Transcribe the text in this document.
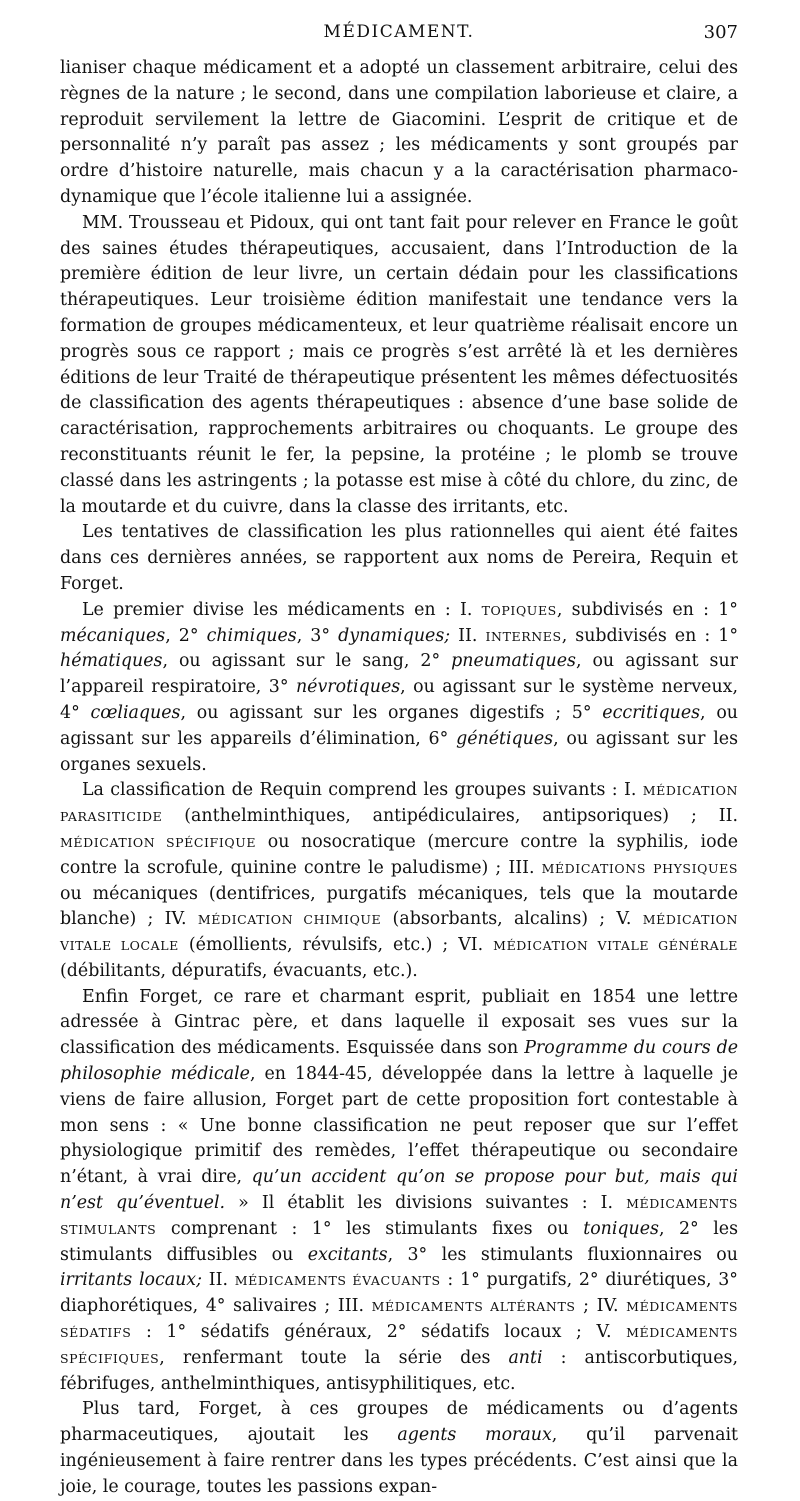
MÉDICAMENT.	307

lianiser chaque médicament et a adopté un classement arbitraire, celui des règnes de la nature ; le second, dans une compilation laborieuse et claire, a reproduit servilement la lettre de Giacomini. L’esprit de critique et de personnalité n’y paraît pas assez ; les médicaments y sont groupés par ordre d’histoire naturelle, mais chacun y a la caractérisation pharmaco-dynamique que l’école italienne lui a assignée.

MM. Trousseau et Pidoux, qui ont tant fait pour relever en France le goût des saines études thérapeutiques, accusaient, dans l’Introduction de la première édition de leur livre, un certain dédain pour les classifications thérapeutiques. Leur troisième édition manifestait une tendance vers la formation de groupes médicamenteux, et leur quatrième réalisait encore un progrès sous ce rapport ; mais ce progrès s’est arrêté là et les dernières éditions de leur Traité de thérapeutique présentent les mêmes défectuosités de classification des agents thérapeutiques : absence d’une base solide de caractérisation, rapprochements arbitraires ou choquants. Le groupe des reconstituants réunit le fer, la pepsine, la protéine ; le plomb se trouve classé dans les astringents ; la potasse est mise à côté du chlore, du zinc, de la moutarde et du cuivre, dans la classe des irritants, etc.

Les tentatives de classification les plus rationnelles qui aient été faites dans ces dernières années, se rapportent aux noms de Pereira, Requin et Forget.

Le premier divise les médicaments en : I. TOPIQUES, subdivisés en : 1° mécaniques, 2° chimiques, 3° dynamiques; II. INTERNES, subdivisés en : 1° hématiques, ou agissant sur le sang, 2° pneumatiques, ou agissant sur l’appareil respiratoire, 3° névrotiques, ou agissant sur le système nerveux, 4° cœliaques, ou agissant sur les organes digestifs ; 5° eccritiques, ou agissant sur les appareils d’élimination, 6° génétiques, ou agissant sur les organes sexuels.

La classification de Requin comprend les groupes suivants : I. MÉDICATION PARASITICIDE (anthelminthiques, antipédiculaires, antipsoriques) ; II. MÉDICATION SPÉCIFIQUE ou nosocratique (mercure contre la syphilis, iode contre la scrofule, quinine contre le paludisme) ; III. MÉDICATIONS PHYSIQUES ou mécaniques (dentifrices, purgatifs mécaniques, tels que la moutarde blanche) ; IV. MÉDICATION CHIMIQUE (absorbants, alcalins) ; V. MÉDICATION VITALE LOCALE (émollients, révulsifs, etc.) ; VI. MÉDICATION VITALE GÉNÉRALE (débilitants, dépuratifs, évacuants, etc.).

Enfin Forget, ce rare et charmant esprit, publiait en 1854 une lettre adressée à Gintrac père, et dans laquelle il exposait ses vues sur la classification des médicaments. Esquissée dans son Programme du cours de philosophie médicale, en 1844-45, développée dans la lettre à laquelle je viens de faire allusion, Forget part de cette proposition fort contestable à mon sens : « Une bonne classification ne peut reposer que sur l’effet physiologique primitif des remèdes, l’effet thérapeutique ou secondaire n’étant, à vrai dire, qu’un accident qu’on se propose pour but, mais qui n’est qu’éventuel. » Il établit les divisions suivantes : I. MÉDICAMENTS STIMULANTS comprenant : 1° les stimulants fixes ou toniques, 2° les stimulants diffusibles ou excitants, 3° les stimulants fluxionnaires ou irritants locaux; II. MÉDICAMENTS ÉVACUANTS : 1° purgatifs, 2° diurétiques, 3° diaphorétiques, 4° salivaires ; III. MÉDICAMENTS ALTÉRANTS ; IV. MÉDICAMENTS SÉDATIFS : 1° sédatifs généraux, 2° sédatifs locaux ; V. MÉDICAMENTS SPÉCIFIQUES, renfermant toute la série des anti : antiscorbutiques, fébrifuges, anthelminthiques, antisyphilitiques, etc.

Plus tard, Forget, à ces groupes de médicaments ou d’agents pharmaceutiques, ajoutait les agents moraux, qu’il parvenait ingénieusement à faire rentrer dans les types précédents. C’est ainsi que la joie, le courage, toutes les passions expan-
